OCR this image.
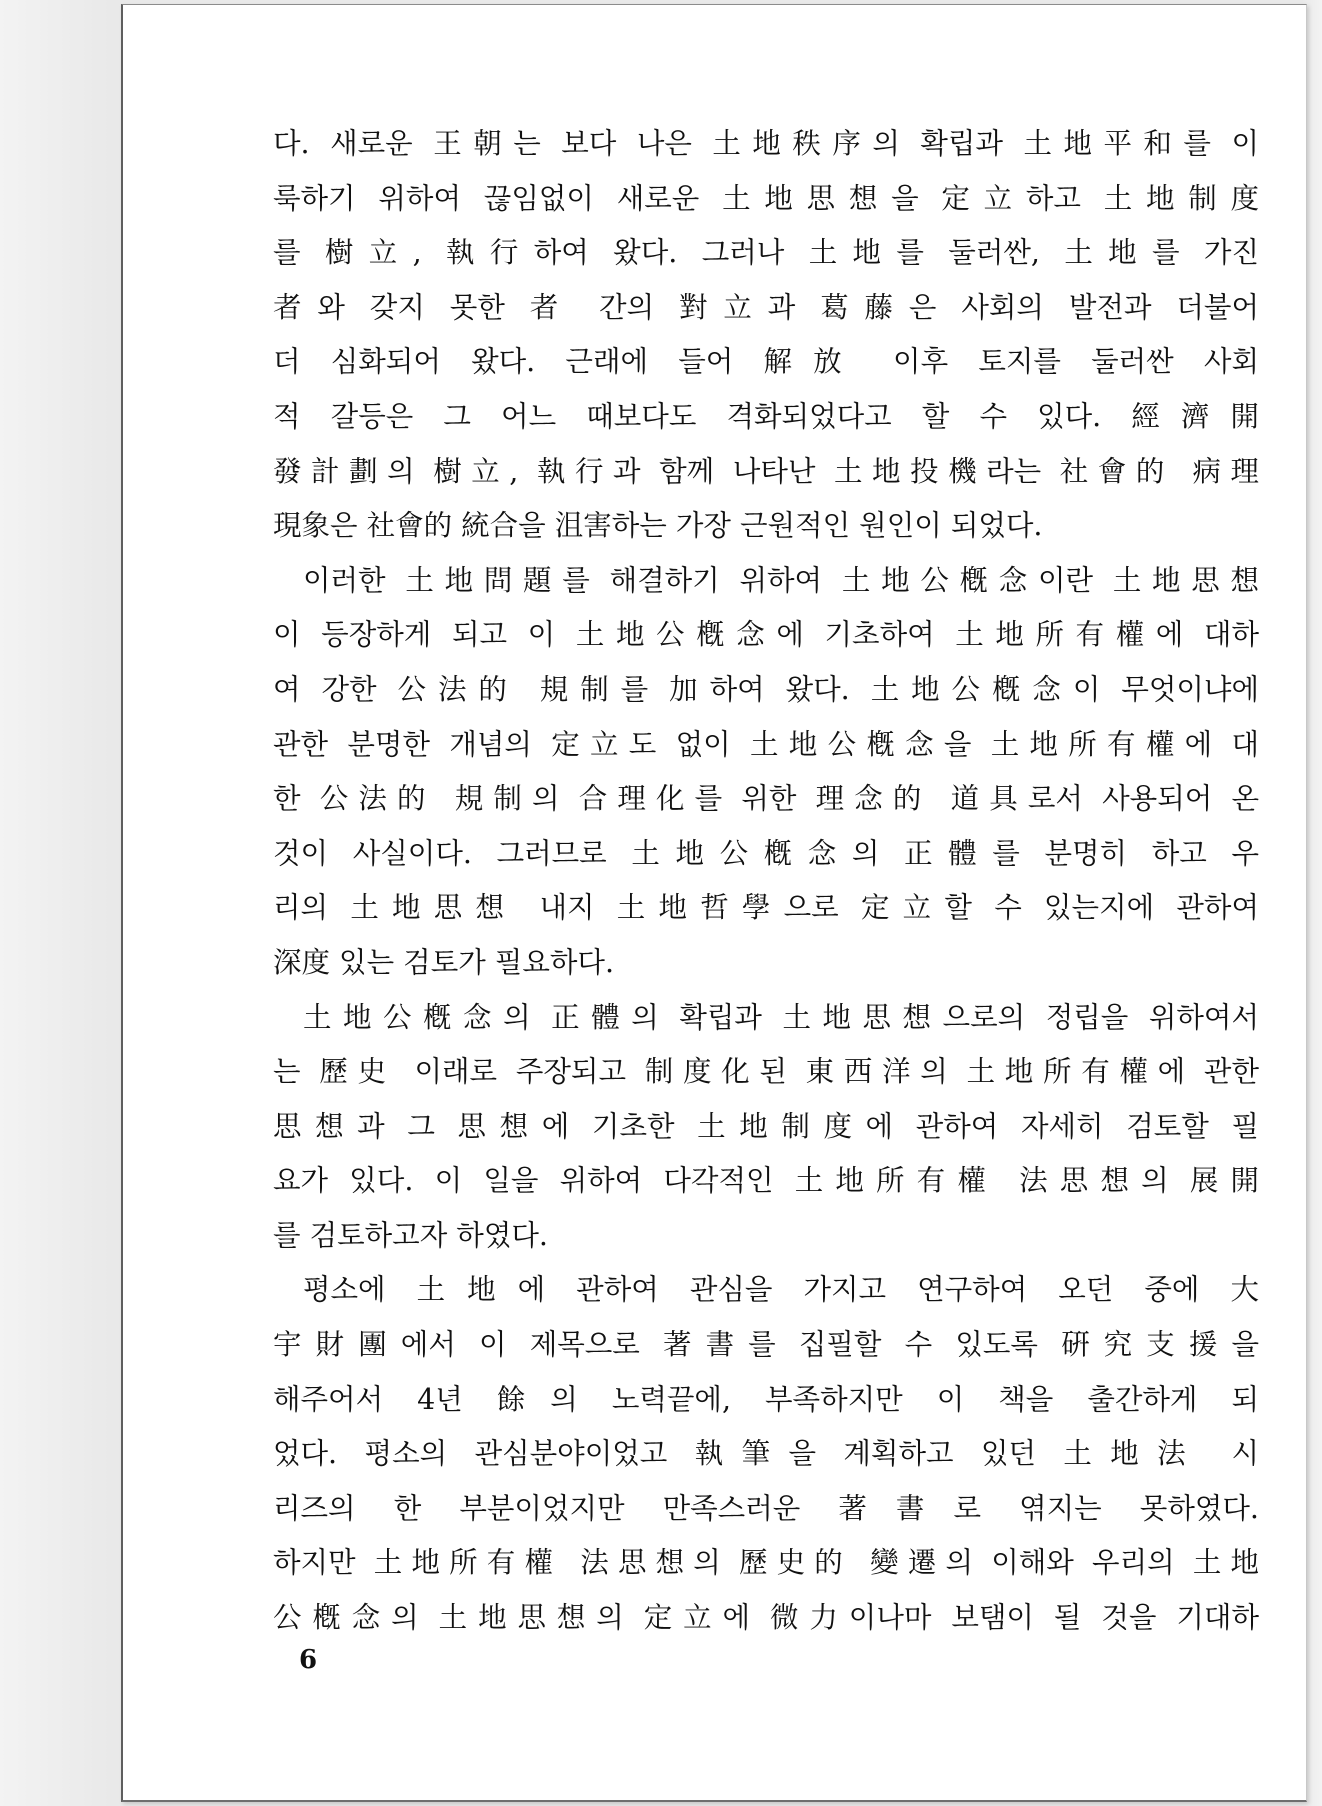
다. 새로운 王朝는 보다 나은 土地秩序의 확립과 土地平和를 이
룩하기 위하여 끊임없이 새로운 土地思想을 定立하고 土地制度
를 樹立, 執行하여 왔다. 그러나 土地를 둘러싼, 土地를 가진
者와 갖지 못한 者 간의 對立과 葛藤은 사회의 발전과 더불어
더 심화되어 왔다. 근래에 들어 解放 이후 토지를 둘러싼 사회
적 갈등은 그 어느 때보다도 격화되었다고 할 수 있다. 經濟開
發計劃의 樹立, 執行과 함께 나타난 土地投機라는 社會的 病理
現象은 社會的 統合을 沮害하는 가장 근원적인 원인이 되었다.
이러한 土地問題를 해결하기 위하여 土地公槪念이란 土地思想
이 등장하게 되고 이 土地公槪念에 기초하여 土地所有權에 대하
여 강한 公法的 規制를 加하여 왔다. 土地公槪念이 무엇이냐에
관한 분명한 개념의 定立도 없이 土地公槪念을 土地所有權에 대
한 公法的 規制의 合理化를 위한 理念的 道具로서 사용되어 온
것이 사실이다. 그러므로 土地公槪念의 正體를 분명히 하고 우
리의 土地思想 내지 土地哲學으로 定立할 수 있는지에 관하여
深度 있는 검토가 필요하다.
土地公槪念의 正體의 확립과 土地思想으로의 정립을 위하여서
는 歷史 이래로 주장되고 制度化된 東西洋의 土地所有權에 관한
思想과 그 思想에 기초한 土地制度에 관하여 자세히 검토할 필
요가 있다. 이 일을 위하여 다각적인 土地所有權 法思想의 展開
를 검토하고자 하였다.
평소에 土地에 관하여 관심을 가지고 연구하여 오던 중에 大
宇財團에서 이 제목으로 著書를 집필할 수 있도록 硏究支援을
해주어서 4년 餘의 노력끝에, 부족하지만 이 책을 출간하게 되
었다. 평소의 관심분야이었고 執筆을 계획하고 있던 土地法 시
리즈의 한 부분이었지만 만족스러운 著書로 엮지는 못하였다.
하지만 土地所有權 法思想의 歷史的 變遷의 이해와 우리의 土地
公槪念의 土地思想의 定立에 微力이나마 보탬이 될 것을 기대하
6
